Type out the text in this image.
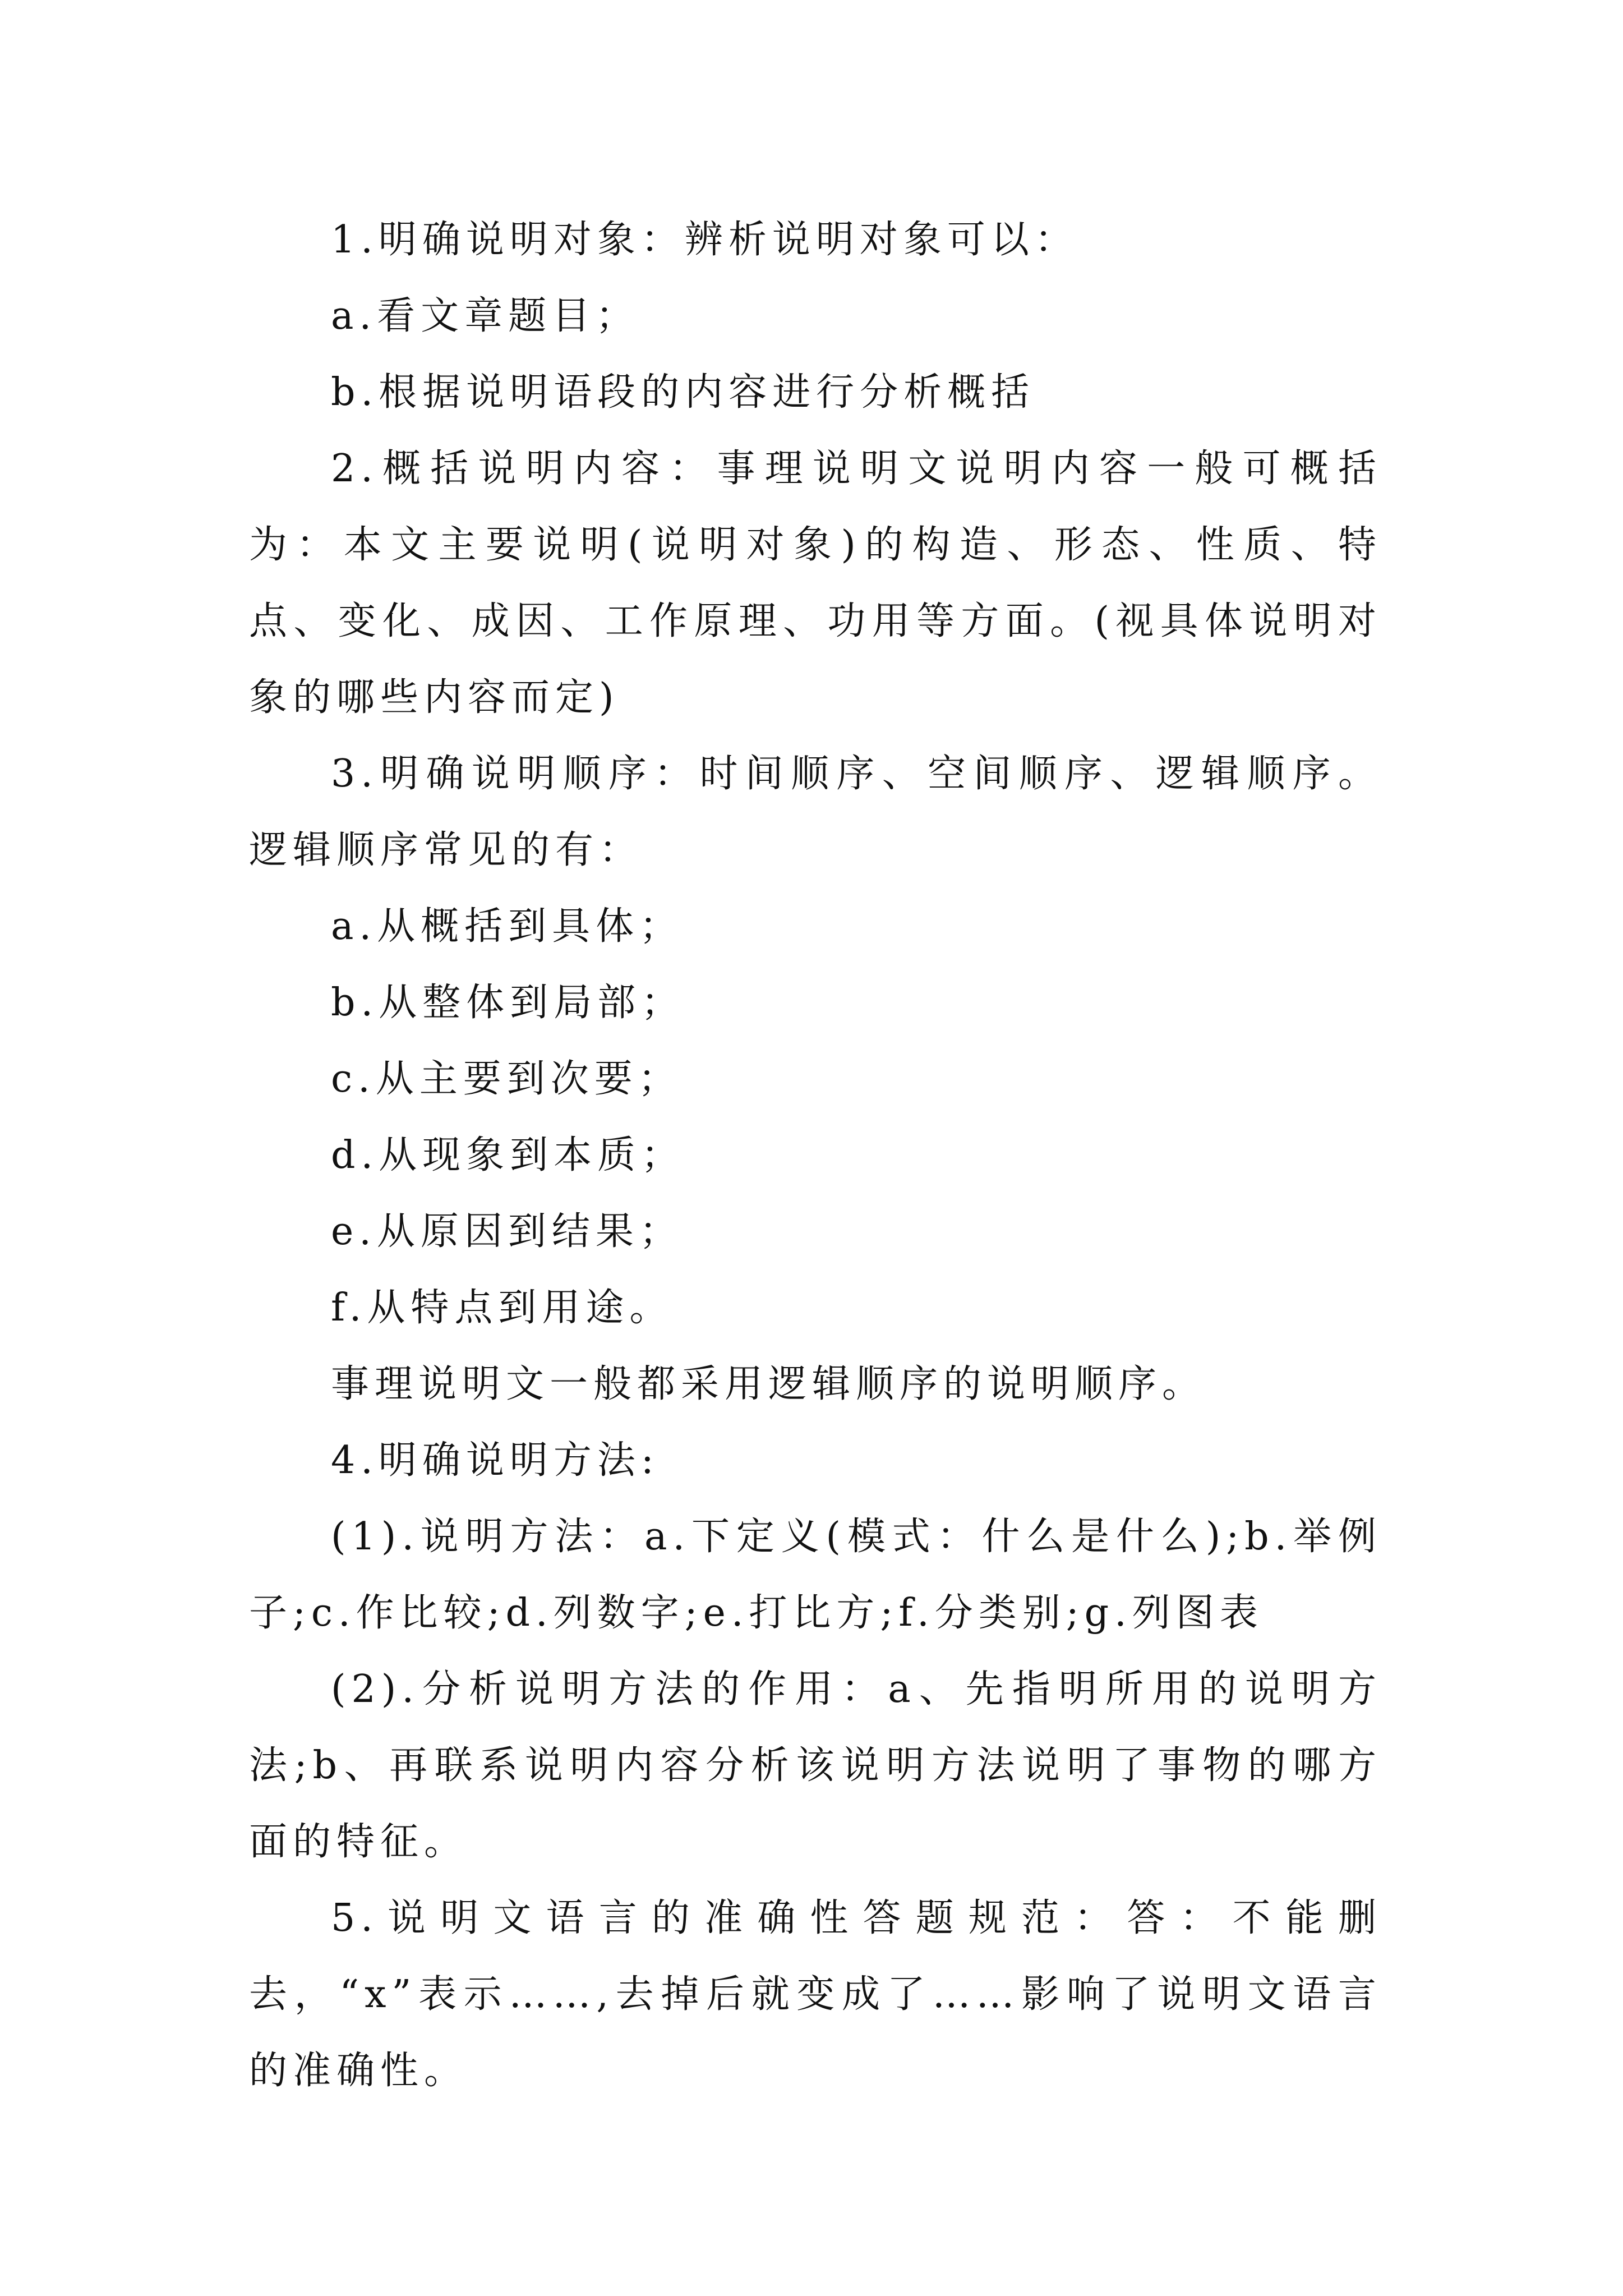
1.明确说明对象：辨析说明对象可以：

a.看文章题目；

b.根据说明语段的内容进行分析概括

2.概括说明内容：事理说明文说明内容一般可概括为：本文主要说明(说明对象)的构造、形态、性质、特点、变化、成因、工作原理、功用等方面。(视具体说明对象的哪些内容而定)

3.明确说明顺序：时间顺序、空间顺序、逻辑顺序。逻辑顺序常见的有：

a.从概括到具体；

b.从整体到局部；

c.从主要到次要；

d.从现象到本质；

e.从原因到结果；

f.从特点到用途。

事理说明文一般都采用逻辑顺序的说明顺序。

4.明确说明方法:

(1).说明方法：a.下定义(模式：什么是什么);b.举例子;c.作比较;d.列数字;e.打比方;f.分类别;g.列图表

(2).分析说明方法的作用：a、先指明所用的说明方法;b、再联系说明内容分析该说明方法说明了事物的哪方面的特征。

5.说明文语言的准确性答题规范：答：不能删去，“x”表示……,去掉后就变成了……影响了说明文语言的准确性。
